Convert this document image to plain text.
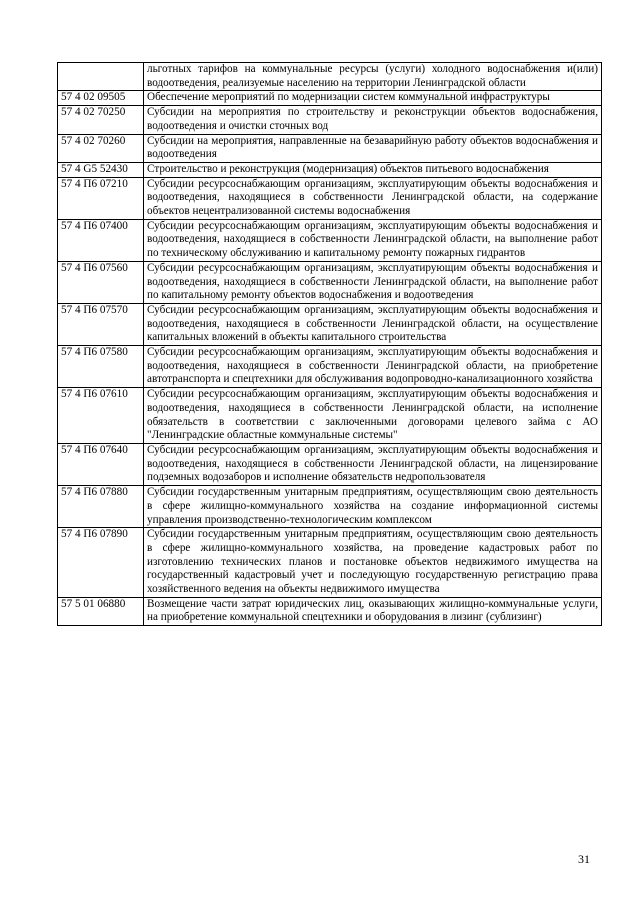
	льготных тарифов на коммунальные ресурсы (услуги) холодного водоснабжения и(или) водоотведения, реализуемые населению на территории Ленинградской области
57 4 02 09505	Обеспечение мероприятий по модернизации систем коммунальной инфраструктуры
57 4 02 70250	Субсидии на мероприятия по строительству и реконструкции объектов водоснабжения, водоотведения и очистки сточных вод
57 4 02 70260	Субсидии на мероприятия, направленные на безаварийную работу объектов водоснабжения и водоотведения
57 4 G5 52430	Строительство и реконструкция (модернизация) объектов питьевого водоснабжения
57 4 П6 07210	Субсидии ресурсоснабжающим организациям, эксплуатирующим объекты водоснабжения и водоотведения, находящиеся в собственности Ленинградской области, на содержание объектов нецентрализованной системы водоснабжения
57 4 П6 07400	Субсидии ресурсоснабжающим организациям, эксплуатирующим объекты водоснабжения и водоотведения, находящиеся в собственности Ленинградской области, на выполнение работ по техническому обслуживанию и капитальному ремонту пожарных гидрантов
57 4 П6 07560	Субсидии ресурсоснабжающим организациям, эксплуатирующим объекты водоснабжения и водоотведения, находящиеся в собственности Ленинградской области, на выполнение работ по капитальному ремонту объектов водоснабжения и водоотведения
57 4 П6 07570	Субсидии ресурсоснабжающим организациям, эксплуатирующим объекты водоснабжения и водоотведения, находящиеся в собственности Ленинградской области, на осуществление капитальных вложений в объекты капитального строительства
57 4 П6 07580	Субсидии ресурсоснабжающим организациям, эксплуатирующим объекты водоснабжения и водоотведения, находящиеся в собственности Ленинградской области, на приобретение автотранспорта и спецтехники для обслуживания водопроводно-канализационного хозяйства
57 4 П6 07610	Субсидии ресурсоснабжающим организациям, эксплуатирующим объекты водоснабжения и водоотведения, находящиеся в собственности Ленинградской области, на исполнение обязательств в соответствии с заключенными договорами целевого займа с АО "Ленинградские областные коммунальные системы"
57 4 П6 07640	Субсидии ресурсоснабжающим организациям, эксплуатирующим объекты водоснабжения и водоотведения, находящиеся в собственности Ленинградской области, на лицензирование подземных водозаборов и исполнение обязательств недропользователя
57 4 П6 07880	Субсидии государственным унитарным предприятиям, осуществляющим свою деятельность в сфере жилищно-коммунального хозяйства на создание информационной системы управления производственно-технологическим комплексом
57 4 П6 07890	Субсидии государственным унитарным предприятиям, осуществляющим свою деятельность в сфере жилищно-коммунального хозяйства, на проведение кадастровых работ по изготовлению технических планов и постановке объектов недвижимого имущества на государственный кадастровый учет и последующую государственную регистрацию права хозяйственного ведения на объекты недвижимого имущества
57 5 01 06880	Возмещение части затрат юридических лиц, оказывающих жилищно-коммунальные услуги, на приобретение коммунальной спецтехники и оборудования в лизинг (сублизинг)
31
